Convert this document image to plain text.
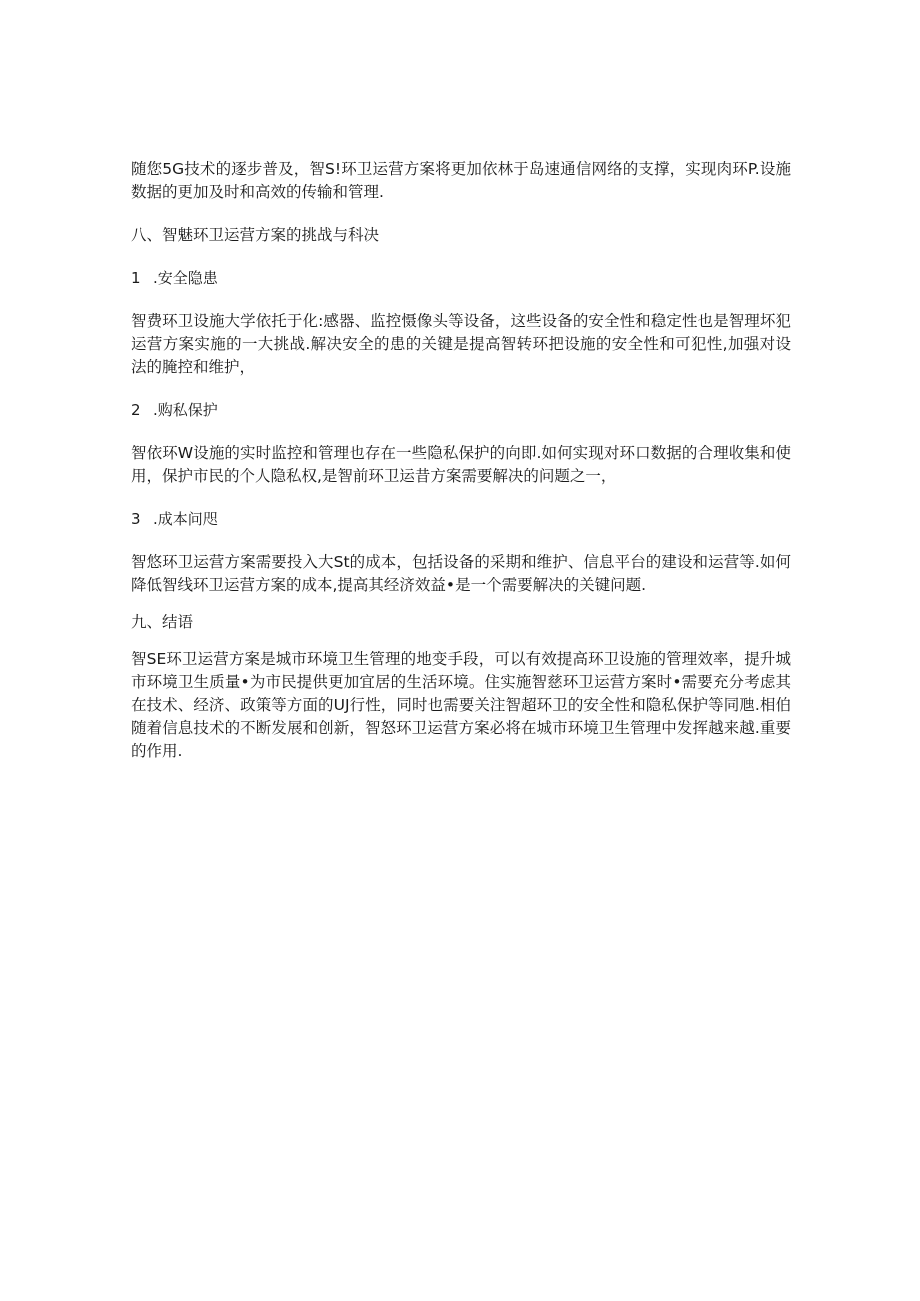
随您5G技术的逐步普及，智S!环卫运营方案将更加依林于岛速通信网络的支撑，实现肉环P.设施数据的更加及时和高效的传输和管理.

八、智魅环卫运营方案的挑战与科决

1 .安全隐患

智费环卫设施大学依托于化:感器、监控慑像头等设备，这些设备的安全性和稳定性也是智理坏犯运营方案实施的一大挑战.解决安全的患的关键是提高智转环把设施的安全性和可犯性,加强对设法的腌控和维护，

2 .购私保护

智依环W设施的实时监控和管理也存在一些隐私保护的向即.如何实现对环口数据的合理收集和使用，保护市民的个人隐私权,是智前环卫运昔方案需要解决的问题之一，

3 .成本问咫

智悠环卫运营方案需要投入大St的成本，包括设备的采期和维护、信息平台的建设和运营等.如何降低智线环卫运营方案的成本,提高其经济效益•是一个需要解决的关键问题.

九、结语

智SE环卫运营方案是城市环境卫生管理的地变手段，可以有效提高环卫设施的管理效率，提升城市环境卫生质量•为市民提供更加宜居的生活环境。住实施智慈环卫运营方案时•需要充分考虑其在技术、经济、政策等方面的UJ行性，同时也需要关注智超环卫的安全性和隐私保护等同虺.相伯随着信息技术的不断发展和创新，智怒环卫运营方案必将在城市环境卫生管理中发挥越来越.重要的作用.
